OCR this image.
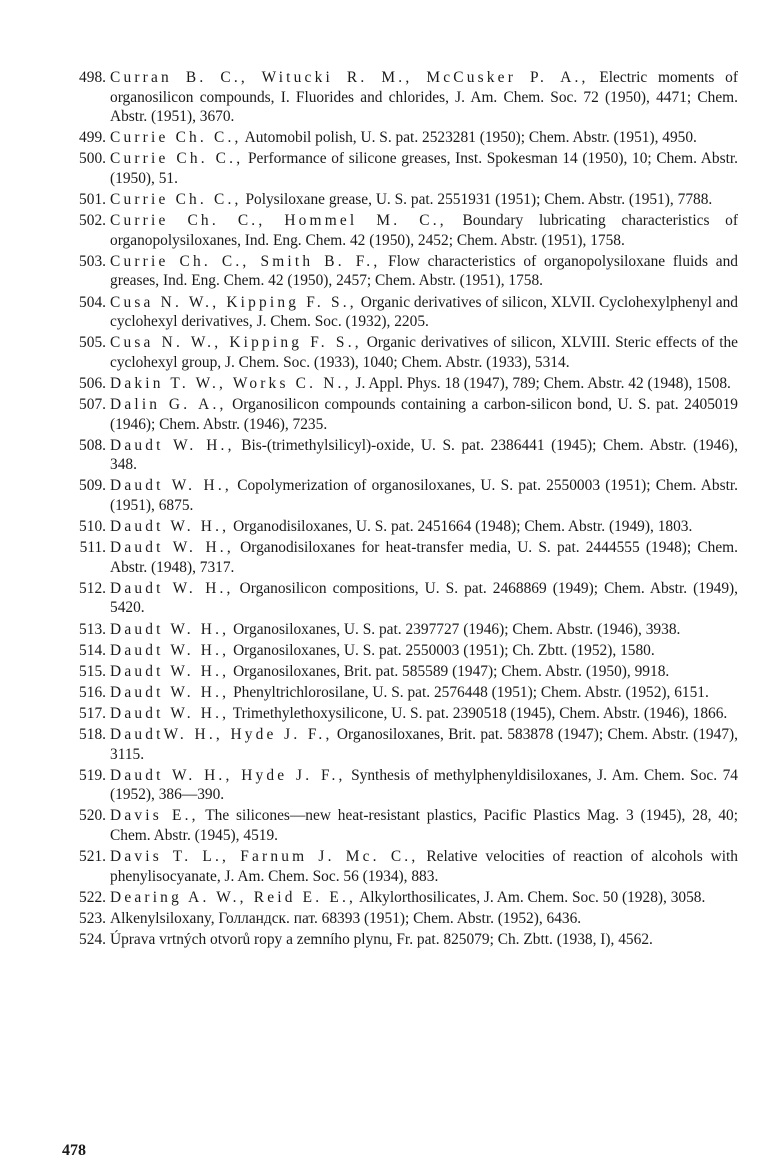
498 . Curran B. C., Witucki R. M., McCusker P. A., Electric moments of organosilicon compounds, I. Fluorides and chlorides, J. Am. Chem. Soc. 72 (1950), 4471; Chem. Abstr. (1951), 3670.
499 . Currie Ch. C., Automobil polish, U. S. pat. 2523281 (1950); Chem. Abstr. (1951), 4950.
500 . Currie Ch. C., Performance of silicone greases, Inst. Spokesman 14 (1950), 10; Chem. Abstr. (1950), 51.
501 . Currie Ch. C., Polysiloxane grease, U. S. pat. 2551931 (1951); Chem. Abstr. (1951), 7788.
502 . Currie Ch. C., Hommel M. C., Boundary lubricating characteristics of organopolysiloxanes, Ind. Eng. Chem. 42 (1950), 2452; Chem. Abstr. (1951), 1758.
503 . Currie Ch. C., Smith B. F., Flow characteristics of organopolysiloxane fluids and greases, Ind. Eng. Chem. 42 (1950), 2457; Chem. Abstr. (1951), 1758.
504 . Cusa N. W., Kipping F. S., Organic derivatives of silicon, XLVII. Cyclohexylphenyl and cyclohexyl derivatives, J. Chem. Soc. (1932), 2205.
505 . Cusa N. W., Kipping F. S., Organic derivatives of silicon, XLVIII. Steric effects of the cyclohexyl group, J. Chem. Soc. (1933), 1040; Chem. Abstr. (1933), 5314.
506 . Dakin T. W., Works C. N., J. Appl. Phys. 18 (1947), 789; Chem. Abstr. 42 (1948), 1508.
507 . Dalin G. A., Organosilicon compounds containing a carbon-silicon bond, U. S. pat. 2405019 (1946); Chem. Abstr. (1946), 7235.
508 . Daudt W. H., Bis-(trimethylsilicyl)-oxide, U. S. pat. 2386441 (1945); Chem. Abstr. (1946), 348.
509 . Daudt W. H., Copolymerization of organosiloxanes, U. S. pat. 2550003 (1951); Chem. Abstr. (1951), 6875.
510 . Daudt W. H., Organodisiloxanes, U. S. pat. 2451664 (1948); Chem. Abstr. (1949), 1803.
511 . Daudt W. H., Organodisiloxanes for heat-transfer media, U. S. pat. 2444555 (1948); Chem. Abstr. (1948), 7317.
512 . Daudt W. H., Organosilicon compositions, U. S. pat. 2468869 (1949); Chem. Abstr. (1949), 5420.
513 . Daudt W. H., Organosiloxanes, U. S. pat. 2397727 (1946); Chem. Abstr. (1946), 3938.
514 . Daudt W. H., Organosiloxanes, U. S. pat. 2550003 (1951); Ch. Zbtt. (1952), 1580.
515 . Daudt W. H., Organosiloxanes, Brit. pat. 585589 (1947); Chem. Abstr. (1950), 9918.
516 . Daudt W. H., Phenyltrichlorosilane, U. S. pat. 2576448 (1951); Chem. Abstr. (1952), 6151.
517 . Daudt W. H., Trimethylethoxysilicone, U. S. pat. 2390518 (1945), Chem. Abstr. (1946), 1866.
518 . DaudtW. H., Hyde J. F., Organosiloxanes, Brit. pat. 583878 (1947); Chem. Abstr. (1947), 3115.
519 . Daudt W. H., Hyde J. F., Synthesis of methylphenyldisiloxanes, J. Am. Chem. Soc. 74 (1952), 386—390.
520 . Davis E., The silicones—new heat-resistant plastics, Pacific Plastics Mag. 3 (1945), 28, 40; Chem. Abstr. (1945), 4519.
521 . Davis T. L., Farnum J. Mc. C., Relative velocities of reaction of alcohols with phenylisocyanate, J. Am. Chem. Soc. 56 (1934), 883.
522 . Dearing A. W., Reid E. E., Alkylorthosilicates, J. Am. Chem. Soc. 50 (1928), 3058.
523 . Alkenylsiloxany, Голландск. пат. 68393 (1951); Chem. Abstr. (1952), 6436.
524 . Úprava vrtných otvorů ropy a zemního plynu, Fr. pat. 825079; Ch. Zbtt. (1938, I), 4562.
478
